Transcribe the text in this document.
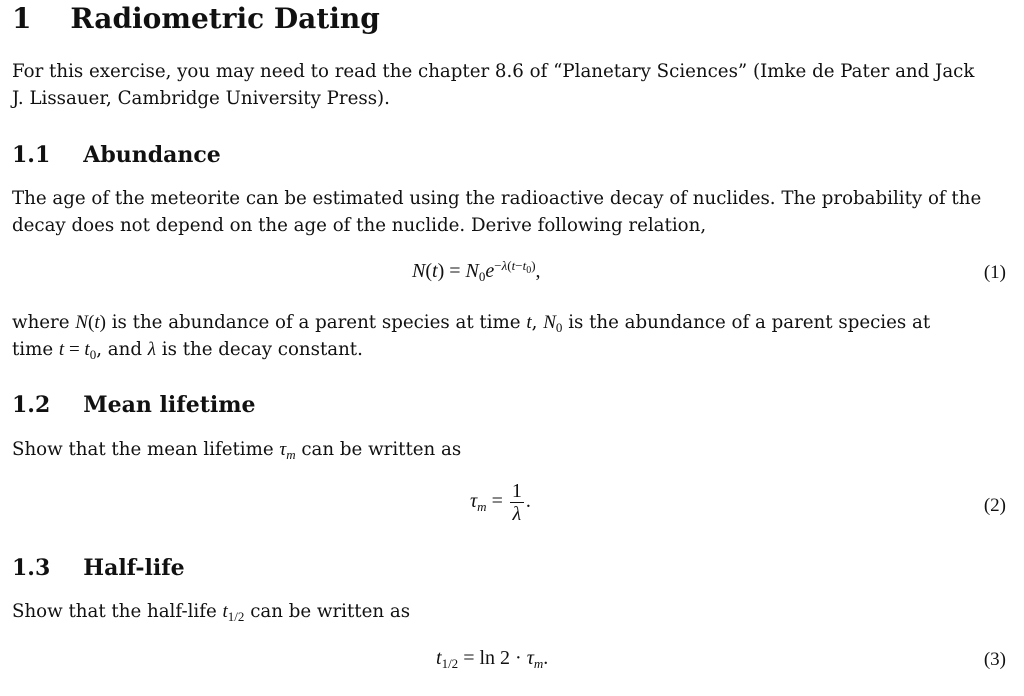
1 Radiometric Dating
For this exercise, you may need to read the chapter 8.6 of “Planetary Sciences” (Imke de Pater and Jack
J. Lissauer, Cambridge University Press).
1.1 Abundance
The age of the meteorite can be estimated using the radioactive decay of nuclides. The probability of the
decay does not depend on the age of the nuclide. Derive following relation,
$N(t) = N_0e^{-\lambda(t-t_0)}$,	(1)
where N(t) is the abundance of a parent species at time t, $N_0$ is the abundance of a parent species at
time $t = t_0$, and λ is the decay constant.
1.2 Mean lifetime
Show that the mean lifetime $\tau_m$ can be written as
$\tau_m = \frac{1}{\lambda}$ .	(2)
1.3 Half-life
Show that the half-life $t_{1/2}$ can be written as
$t_{1/2} = \ln 2 \cdot \tau_m$.	(3)
